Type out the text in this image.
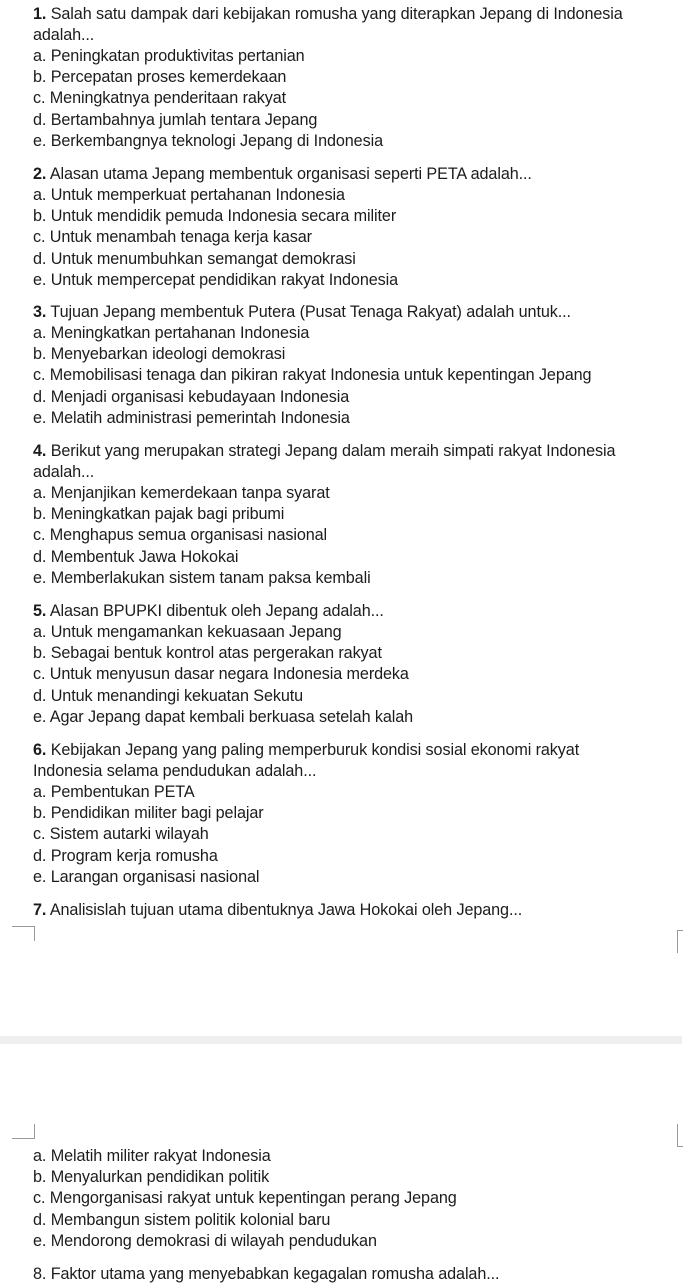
1. Salah satu dampak dari kebijakan romusha yang diterapkan Jepang di Indonesia
adalah...
a. Peningkatan produktivitas pertanian
b. Percepatan proses kemerdekaan
c. Meningkatnya penderitaan rakyat
d. Bertambahnya jumlah tentara Jepang
e. Berkembangnya teknologi Jepang di Indonesia
2. Alasan utama Jepang membentuk organisasi seperti PETA adalah...
a. Untuk memperkuat pertahanan Indonesia
b. Untuk mendidik pemuda Indonesia secara militer
c. Untuk menambah tenaga kerja kasar
d. Untuk menumbuhkan semangat demokrasi
e. Untuk mempercepat pendidikan rakyat Indonesia
3. Tujuan Jepang membentuk Putera (Pusat Tenaga Rakyat) adalah untuk...
a. Meningkatkan pertahanan Indonesia
b. Menyebarkan ideologi demokrasi
c. Memobilisasi tenaga dan pikiran rakyat Indonesia untuk kepentingan Jepang
d. Menjadi organisasi kebudayaan Indonesia
e. Melatih administrasi pemerintah Indonesia
4. Berikut yang merupakan strategi Jepang dalam meraih simpati rakyat Indonesia
adalah...
a. Menjanjikan kemerdekaan tanpa syarat
b. Meningkatkan pajak bagi pribumi
c. Menghapus semua organisasi nasional
d. Membentuk Jawa Hokokai
e. Memberlakukan sistem tanam paksa kembali
5. Alasan BPUPKI dibentuk oleh Jepang adalah...
a. Untuk mengamankan kekuasaan Jepang
b. Sebagai bentuk kontrol atas pergerakan rakyat
c. Untuk menyusun dasar negara Indonesia merdeka
d. Untuk menandingi kekuatan Sekutu
e. Agar Jepang dapat kembali berkuasa setelah kalah
6. Kebijakan Jepang yang paling memperburuk kondisi sosial ekonomi rakyat
Indonesia selama pendudukan adalah...
a. Pembentukan PETA
b. Pendidikan militer bagi pelajar
c. Sistem autarki wilayah
d. Program kerja romusha
e. Larangan organisasi nasional
7. Analisislah tujuan utama dibentuknya Jawa Hokokai oleh Jepang...
a. Melatih militer rakyat Indonesia
b. Menyalurkan pendidikan politik
c. Mengorganisasi rakyat untuk kepentingan perang Jepang
d. Membangun sistem politik kolonial baru
e. Mendorong demokrasi di wilayah pendudukan
8. Faktor utama yang menyebabkan kegagalan romusha adalah...
